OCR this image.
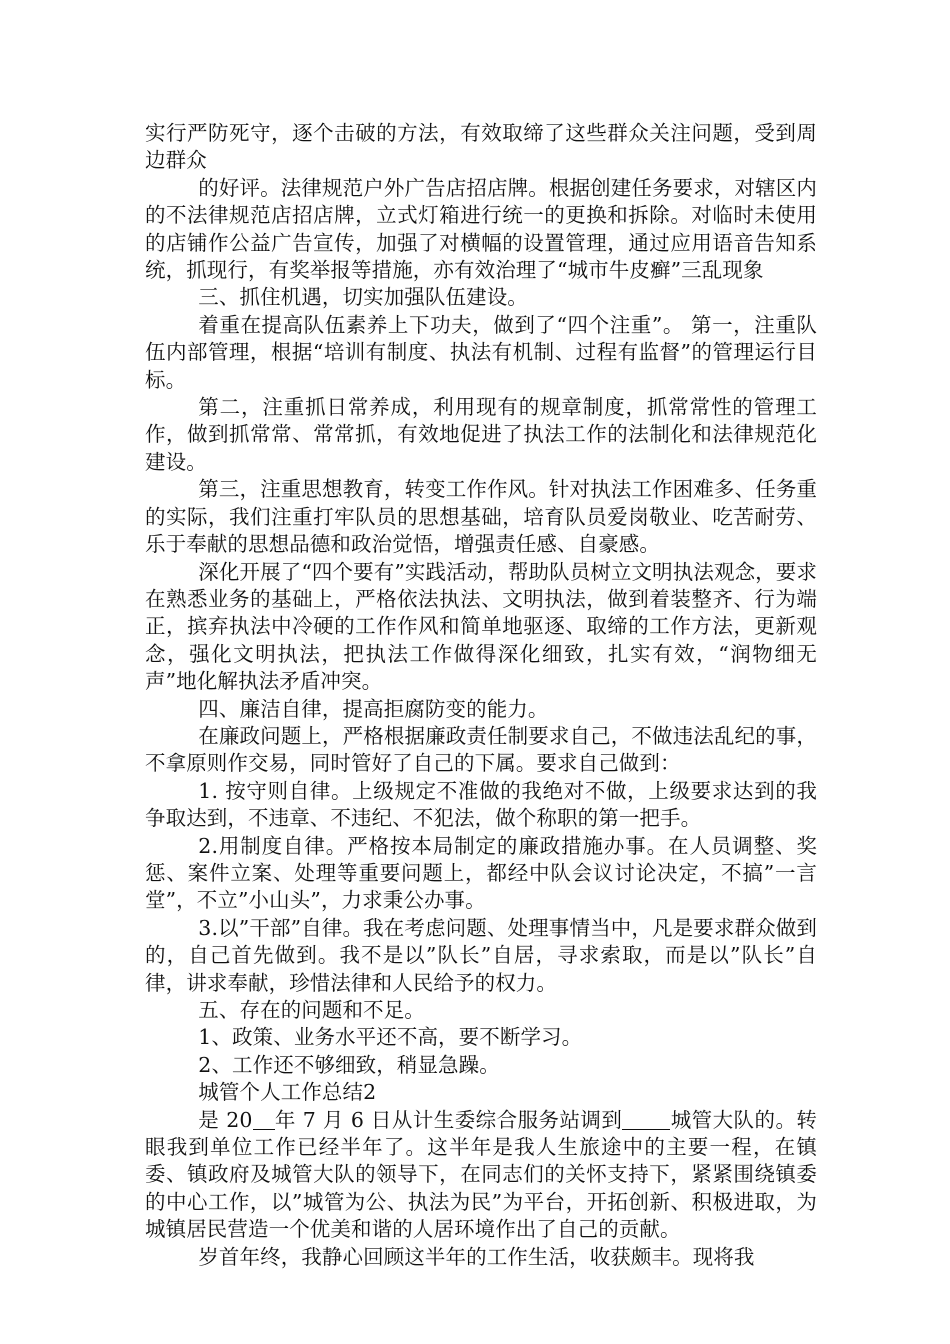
实行严防死守，逐个击破的方法，有效取缔了这些群众关注问题，受到周边群众

的好评。法律规范户外广告店招店牌。根据创建任务要求，对辖区内的不法律规范店招店牌，立式灯箱进行统一的更换和拆除。对临时未使用的店铺作公益广告宣传，加强了对横幅的设置管理，通过应用语音告知系统，抓现行，有奖举报等措施，亦有效治理了“城市牛皮癣”三乱现象

三、抓住机遇，切实加强队伍建设。

着重在提高队伍素养上下功夫，做到了“四个注重”。 第一，注重队伍内部管理，根据“培训有制度、执法有机制、过程有监督”的管理运行目标。

第二，注重抓日常养成，利用现有的规章制度，抓常常性的管理工作，做到抓常常、常常抓，有效地促进了执法工作的法制化和法律规范化建设。

第三，注重思想教育，转变工作作风。针对执法工作困难多、任务重的实际，我们注重打牢队员的思想基础，培育队员爱岗敬业、吃苦耐劳、乐于奉献的思想品德和政治觉悟，增强责任感、自豪感。

深化开展了“四个要有”实践活动，帮助队员树立文明执法观念，要求在熟悉业务的基础上，严格依法执法、文明执法，做到着装整齐、行为端正，摈弃执法中冷硬的工作作风和简单地驱逐、取缔的工作方法，更新观念，强化文明执法，把执法工作做得深化细致，扎实有效，“润物细无声”地化解执法矛盾冲突。

四、廉洁自律，提高拒腐防变的能力。

在廉政问题上，严格根据廉政责任制要求自己，不做违法乱纪的事，不拿原则作交易，同时管好了自己的下属。要求自己做到：

1. 按守则自律。上级规定不准做的我绝对不做，上级要求达到的我争取达到，不违章、不违纪、不犯法，做个称职的第一把手。

2.用制度自律。严格按本局制定的廉政措施办事。在人员调整、奖惩、案件立案、处理等重要问题上，都经中队会议讨论决定，不搞”一言堂”，不立”小山头”，力求秉公办事。

3.以”干部”自律。我在考虑问题、处理事情当中，凡是要求群众做到的，自己首先做到。我不是以”队长”自居，寻求索取，而是以”队长”自律，讲求奉献，珍惜法律和人民给予的权力。

五、存在的问题和不足。

1、政策、业务水平还不高，要不断学习。

2、工作还不够细致，稍显急躁。

城管个人工作总结2

是 20 年 7 月 6 日从计生委综合服务站调到 城管大队的。转眼我到单位工作已经半年了。这半年是我人生旅途中的主要一程，在镇委、镇政府及城管大队的领导下，在同志们的关怀支持下，紧紧围绕镇委的中心工作，以”城管为公、执法为民”为平台，开拓创新、积极进取，为城镇居民营造一个优美和谐的人居环境作出了自己的贡献。

岁首年终，我静心回顾这半年的工作生活，收获颇丰。现将我
